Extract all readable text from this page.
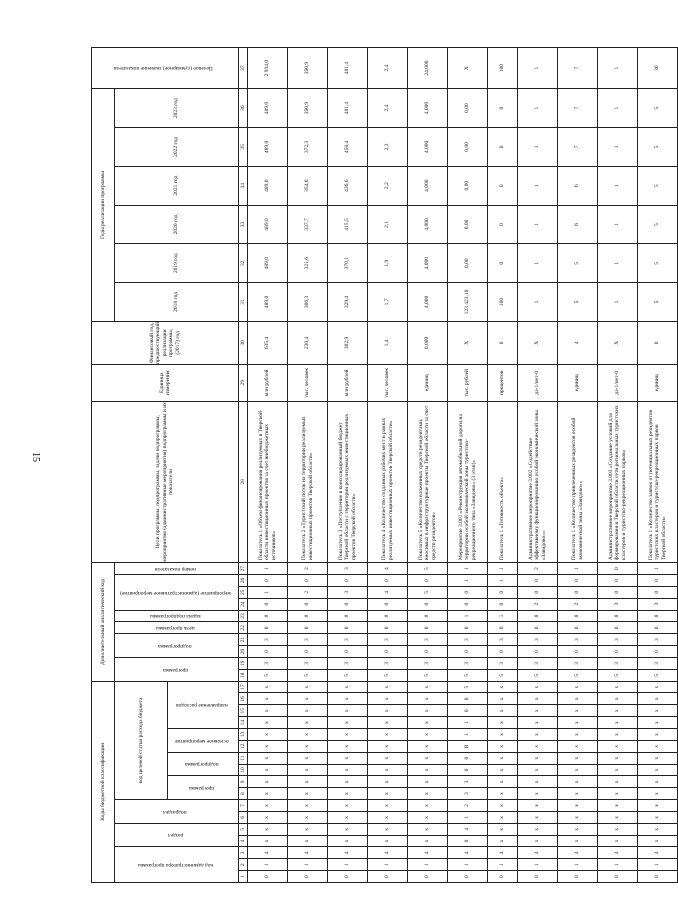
15
Коды бюджетной классификации																	Дополнительный аналитический код										Цели программы, подпрограммы, задачи подпрограммы, мероприятия (административные мероприятия) подпрограммы и их показатели	Единица измерения	Финансовый год, предшествующий реализации программы, (2017) год	Годы реализации программы						Целевое (суммарное) значение показателя
код администратора программы			раздел		подраздел		код целевой статьи расхода бюджета										программа		подпрограмма		цель программы	задача подпрограммы	мероприятие (административное мероприятие)			номер показателя				2018 год	2019 год	2020 год	2021 год	2022 год	2023 год	
							программа		подпрограмма		основное мероприятие		направление расходов																							
1	2	3	4	5	6	7	8	9	10	11	12	13	14	15	16	17	18	19	20	21	22	23	24	25	26	27	28	29	30	31	32	33	34	35	36	37
0	1	4	х	х	х	х	х	х	х	х	х	х	х	х	х	х	5	3	0	3	0	0	0	1	0	1	Показатель 1 «Объем финансирования реализуемых в Тверской области инвестиционных проектов за счет внебюджетных источников»	млн рублей	635,4	489,0	489,0	489,0	489,0	489,0	489,0	2 934,0
0	1	4	х	х	х	х	х	х	х	х	х	х	х	х	х	х	5	3	0	3	0	0	0	2	0	2	Показатель 2 «Туристский поток на территории реализуемых инвестиционных проектов Тверской области»	тыс. человек	230,4	306,3	321,6	337,7	354,6	372,3	390,9	390,9
0	1	4	х	х	х	х	х	х	х	х	х	х	х	х	х	х	5	3	0	3	0	0	0	3	0	3	Показатель 3 «Поступление в консолидированный бюджет Тверской области с территории реализуемых инвестиционных проектов Тверской области»	млн рублей	302,9	329,4	370,1	415,5	436,6	458,4	481,4	481,4
0	1	4	х	х	х	х	х	х	х	х	х	х	х	х	х	х	5	3	0	3	0	0	0	4	0	4	Показатель 4 «Количество созданных рабочих мест в рамках реализуемых инвестиционных проектов Тверской области»	тыс. человек	1,4	1,7	1,9	2,1	2,2	2,3	2,4	2,4
0	1	4	х	х	х	х	х	х	х	х	х	х	х	х	х	х	5	3	0	3	0	0	0	5	0	5	Показатель 5 «Количество вложенных средств резидентами, вносимых в инфраструктурные проекты Тверской области за счет средств резидентов»	единиц	0,000	4,000	4,000	4,000	4,000	4,000	4,000	24,000
0	1	4	0	4	1	2	3	3	0	0	R	1	1	0	0	5	5	3	0	3	0	1	0	0	1	1	Мероприятие 3.001 «Реконструкция автомобильной дороги на территории особой экономической зоны туристско-рекреационного типа «Завидово» (3 этап)»	тыс. рублей	Х	123 423,16	0,00	0,00	0,00	0,00	0,00	Х
0	1	4	х	х	х	х	х	х	х	х	х	х	х	х	х	х	5	3	0	3	0	1	0	0	1	1	Показатель 1 «Готовность объекта»	процентов	0	100	0	0	0	0	0	100
0	1	4	х	х	х	х	х	х	х	х	х	х	х	х	х	х	5	3	0	3	0	0	2	0	0	2	Административное мероприятие 3.002 «Содействие эффективному функционированию особой экономической зоны «Завидово»»	да-1/нет-0	Х	1	1	1	1	1	1	1
0	1	4	х	х	х	х	х	х	х	х	х	х	х	х	х	х	5	3	0	3	0	0	2	0	0	1	Показатель 1 «Количество привлеченных резидентов особой экономической зоны «Завидово»»	единиц	4	5	5	6	6	7	7	7
0	1	4	х	х	х	х	х	х	х	х	х	х	х	х	х	х	5	3	0	3	0	0	3	0	0	0	Административное мероприятие 3.003 «Создание условий для формирования в Тверской области сети региональных туристских кластеров и туристско-рекреационных парков»	да-1/нет-0	Х	1	1	1	1	1	1	1
0	1	4	х	х	х	х	х	х	х	х	х	х	х	х	х	х	5	3	0	3	0	0	3	0	0	1	Показатель 1 «Количество заявок от потенциальных резидентов туристских кластеров и туристско-рекреационных парков Тверской области»	единиц	0	5	5	5	5	5	5	30
